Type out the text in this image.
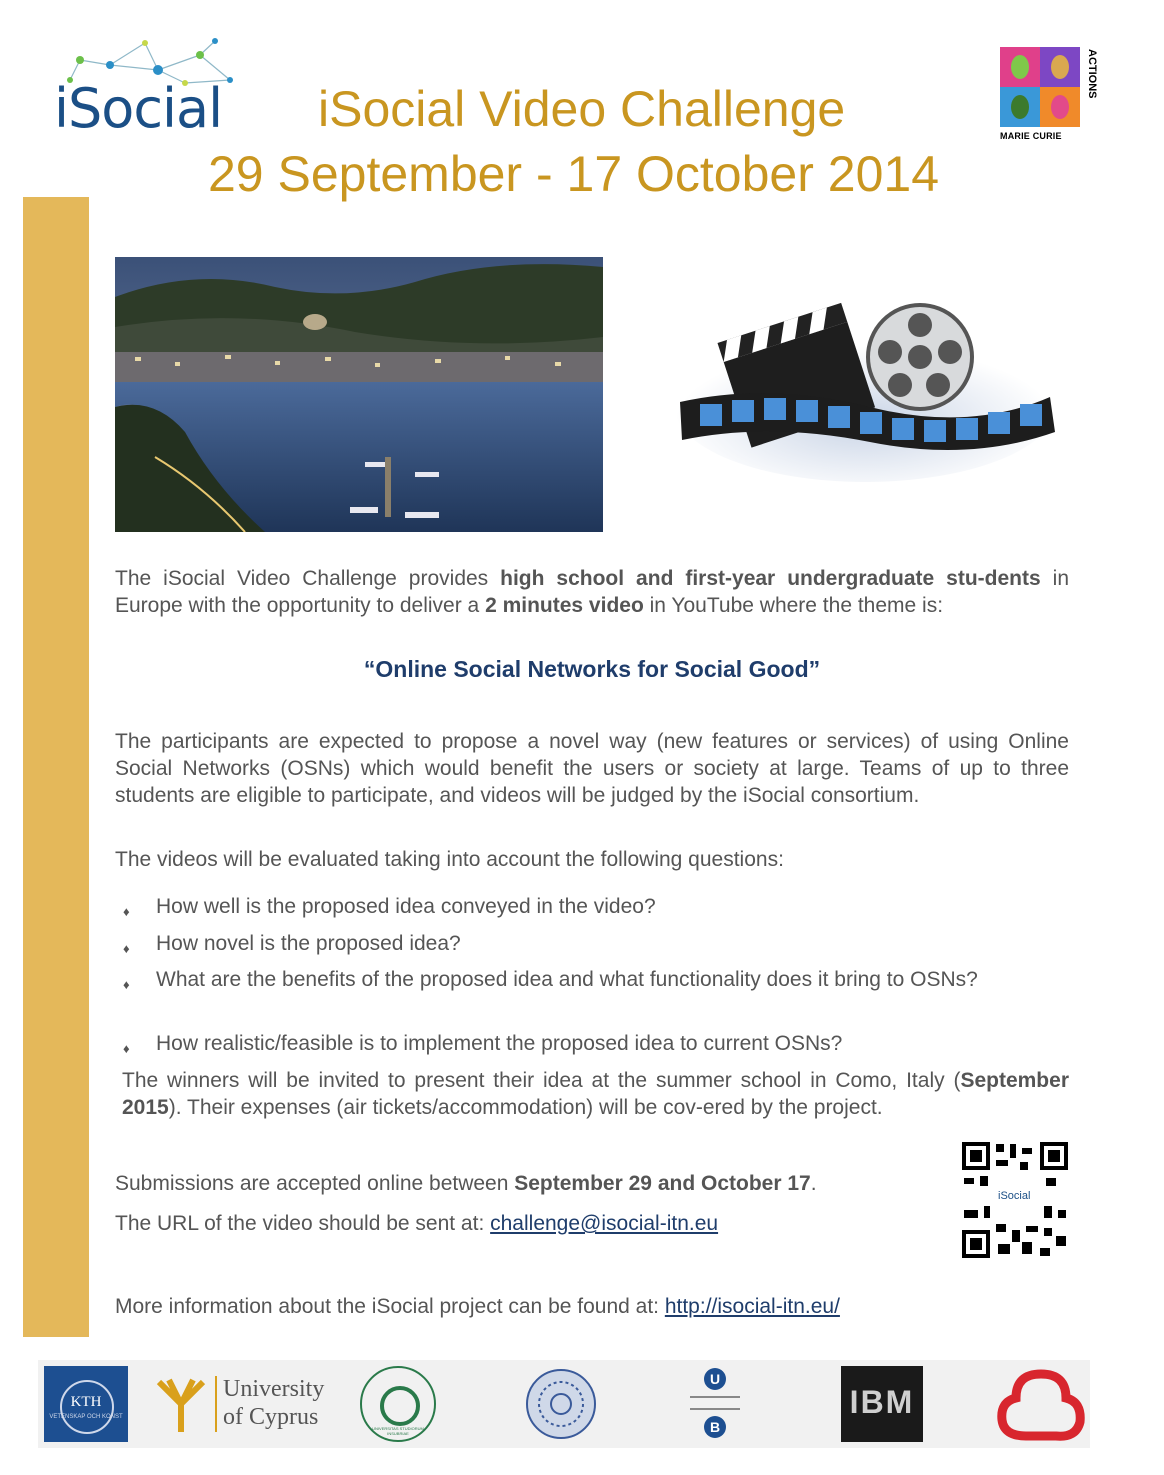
iSocial iSocial Video Challenge
29 September - 17 October 2014
MARIE CURIE
ACTIONS
The iSocial Video Challenge provides high school and first-year undergraduate stu-dents in Europe with the opportunity to deliver a 2 minutes video in YouTube where the theme is:
“Online Social Networks for Social Good”
The participants are expected to propose a novel way (new features or services) of using Online Social Networks (OSNs) which would benefit the users or society at large. Teams of up to three students are eligible to participate, and videos will be judged by the iSocial consortium.
The videos will be evaluated taking into account the following questions:
♦ How well is the proposed idea conveyed in the video?
♦ How novel is the proposed idea?
♦ What are the benefits of the proposed idea and what functionality does it bring to OSNs?
♦ How realistic/feasible is to implement the proposed idea to current OSNs?
The winners will be invited to present their idea at the summer school in Como, Italy (September 2015). Their expenses (air tickets/accommodation) will be cov-ered by the project.
Submissions are accepted online between September 29 and October 17.
The URL of the video should be sent at: challenge@isocial-itn.eu
iSocial
More information about the iSocial project can be found at: http://isocial-itn.eu/
KTH
VETENSKAP OCH KONST
University
of Cyprus	UNIVERSITAS STUDIORUM INSUBRIAE
U
B
IBM
